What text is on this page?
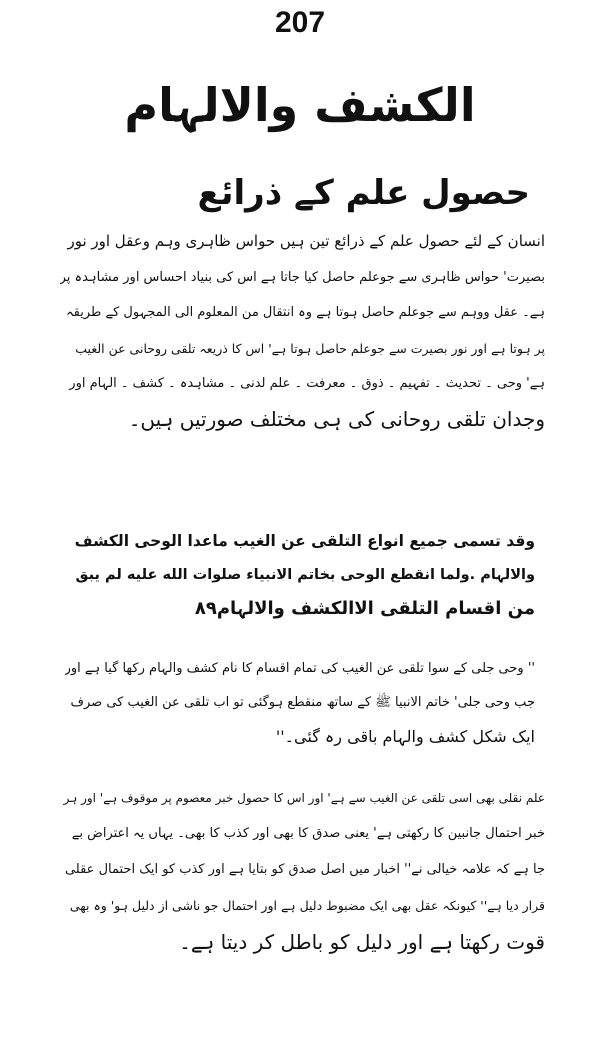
207
الکشف والالہام
حصول علم کے ذرائع
انسان کے لئے حصول علم کے ذرائع تین ہیں حواس ظاہری وہم وعقل اور نور
بصیرت' حواس ظاہری سے جوعلم حاصل کیا جاتا ہے اس کی بنیاد احساس اور مشاہدہ پر
ہے۔ عقل ووہم سے جوعلم حاصل ہوتا ہے وہ انتقال من المعلوم الی المجہول کے طریقہ
پر ہوتا ہے اور نور بصیرت سے جوعلم حاصل ہوتا ہے' اس کا ذریعہ تلقی روحانی عن الغیب
ہے' وحی ۔ تحدیث ۔ تفہیم ۔ ذوق ۔ معرفت ۔ علم لدنی ۔ مشاہدہ ۔ کشف ۔ الہام اور
وجدان تلقی روحانی کی ہی مختلف صورتیں ہیں۔
وقد تسمی جمیع انواع التلقی عن الغیب ماعدا الوحی الکشف
والالہام .ولما انقطع الوحی بخاتم الانبیاء صلوات الله علیه لم یبق
من اقسام التلقی الاالکشف والالہام۸۹
'' وحی جلی کے سوا تلقی عن الغیب کی تمام اقسام کا نام کشف والہام رکھا گیا ہے اور
جب وحی جلی' خاتم الانبیا ﷺ کے ساتھ منقطع ہوگئی تو اب تلقی عن الغیب کی صرف
ایک شکل کشف والہام باقی رہ گئی۔''
علم نقلی بھی اسی تلقی عن الغیب سے ہے' اور اس کا حصول خبر معصوم پر موقوف ہے' اور ہر
خبر احتمال جانبین کا رکھتی ہے' یعنی صدق کا بھی اور کذب کا بھی۔ یہاں یہ اعتراض بے
جا ہے کہ علامہ خیالی نے'' اخبار میں اصل صدق کو بتایا ہے اور کذب کو ایک احتمال عقلی
قرار دیا ہے'' کیونکہ عقل بھی ایک مضبوط دلیل ہے اور احتمال جو ناشی از دلیل ہو' وہ بھی
قوت رکھتا ہے اور دلیل کو باطل کر دیتا ہے۔
